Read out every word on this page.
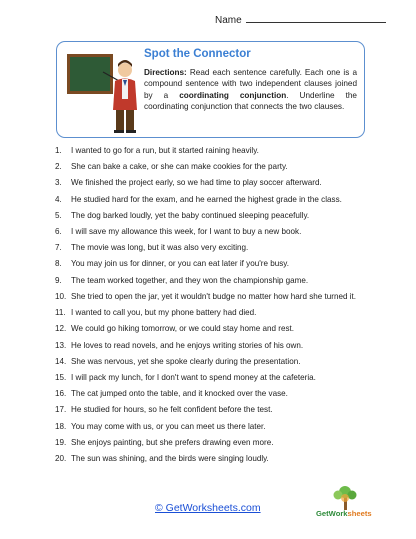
Name
Spot the Connector
Directions: Read each sentence carefully. Each one is a compound sentence with two independent clauses joined by a coordinating conjunction. Underline the coordinating conjunction that connects the two clauses.
1. I wanted to go for a run, but it started raining heavily.
2. She can bake a cake, or she can make cookies for the party.
3. We finished the project early, so we had time to play soccer afterward.
4. He studied hard for the exam, and he earned the highest grade in the class.
5. The dog barked loudly, yet the baby continued sleeping peacefully.
6. I will save my allowance this week, for I want to buy a new book.
7. The movie was long, but it was also very exciting.
8. You may join us for dinner, or you can eat later if you're busy.
9. The team worked together, and they won the championship game.
10. She tried to open the jar, yet it wouldn't budge no matter how hard she turned it.
11. I wanted to call you, but my phone battery had died.
12. We could go hiking tomorrow, or we could stay home and rest.
13. He loves to read novels, and he enjoys writing stories of his own.
14. She was nervous, yet she spoke clearly during the presentation.
15. I will pack my lunch, for I don't want to spend money at the cafeteria.
16. The cat jumped onto the table, and it knocked over the vase.
17. He studied for hours, so he felt confident before the test.
18. You may come with us, or you can meet us there later.
19. She enjoys painting, but she prefers drawing even more.
20. The sun was shining, and the birds were singing loudly.
© GetWorksheets.com	GetWorksheets
